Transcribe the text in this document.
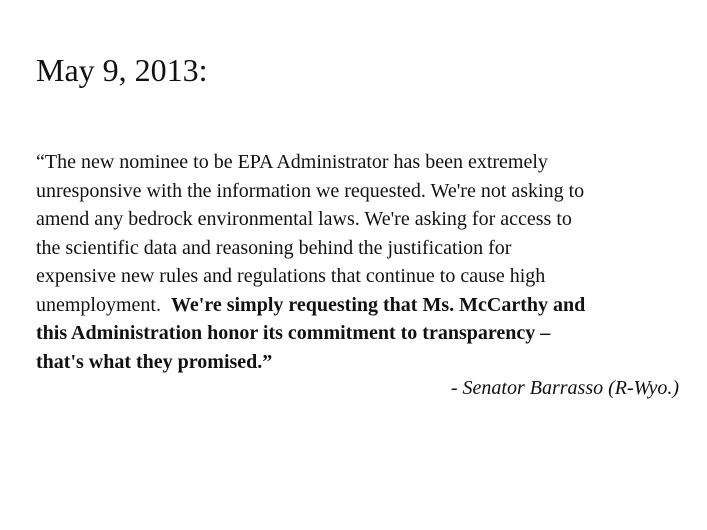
May 9, 2013:

“The new nominee to be EPA Administrator has been extremely
unresponsive with the information we requested. We're not asking to
amend any bedrock environmental laws. We're asking for access to
the scientific data and reasoning behind the justification for
expensive new rules and regulations that continue to cause high
unemployment.  We're simply requesting that Ms. McCarthy and
this Administration honor its commitment to transparency –
that's what they promised.”

- Senator Barrasso (R-Wyo.)
